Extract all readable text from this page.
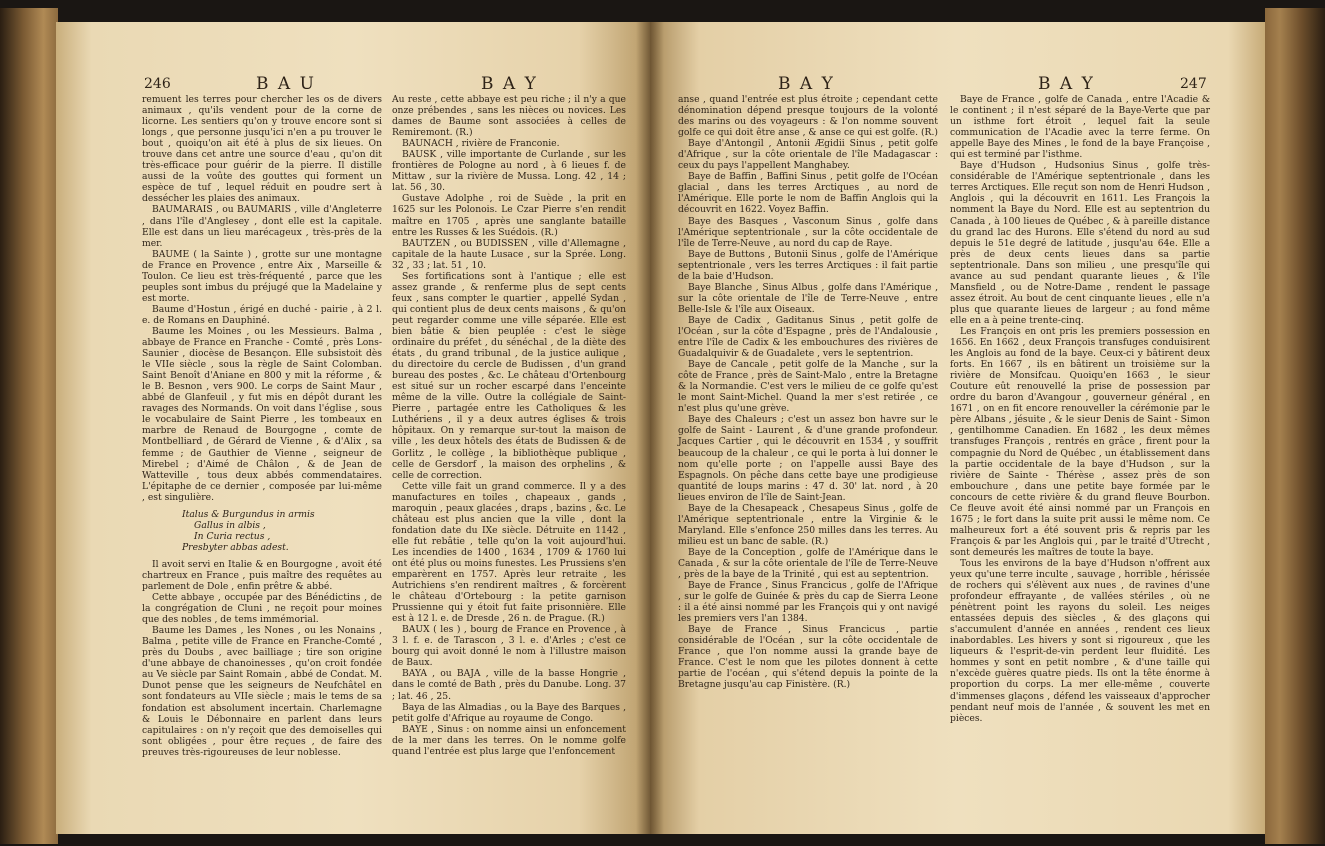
246	B A U	B A Y

remuent les terres pour chercher les os de divers animaux , qu'ils vendent pour de la corne de licorne. Les sentiers qu'on y trouve encore sont si longs , que personne jusqu'ici n'en a pu trouver le bout , quoiqu'on ait été à plus de six lieues. On trouve dans cet antre une source d'eau , qu'on dit très-efficace pour guérir de la pierre. Il distille aussi de la voûte des gouttes qui forment un espèce de tuf , lequel réduit en poudre sert à dessécher les plaies des animaux.

BAUMARAIS , ou BAUMARIS , ville d'Angleterre , dans l'île d'Anglesey , dont elle est la capitale. Elle est dans un lieu marécageux , très-près de la mer.

BAUME ( la Sainte ) , grotte sur une montagne de France en Provence , entre Aix , Marseille & Toulon. Ce lieu est très-fréquenté , parce que les peuples sont imbus du préjugé que la Madelaine y est morte.

Baume d'Hostun , érigé en duché - pairie , à 2 l. e. de Romans en Dauphiné.

Baume les Moines , ou les Messieurs. Balma , abbaye de France en Franche - Comté , près Lons-Saunier , diocèse de Besançon. Elle subsistoit dès le VIIe siècle , sous la règle de Saint Colomban. Saint Benoît d'Aniane en 800 y mit la réforme , & le B. Besnon , vers 900. Le corps de Saint Maur , abbé de Glanfeuil , y fut mis en dépôt durant les ravages des Normands. On voit dans l'église , sous le vocabulaire de Saint Pierre , les tombeaux en marbre de Renaud de Bourgogne , comte de Montbelliard , de Gérard de Vienne , & d'Alix , sa femme ; de Gauthier de Vienne , seigneur de Mirebel ; d'Aimé de Châlon , & de Jean de Watteville , tous deux abbés commendataires. L'épitaphe de ce dernier , composée par lui-même , est singulière.

Italus & Burgundus in armis

Gallus in albis ,

In Curia rectus ,

Presbyter abbas adest.

Il avoit servi en Italie & en Bourgogne , avoit été chartreux en France , puis maître des requêtes au parlement de Dole , enfin prêtre & abbé.

Cette abbaye , occupée par des Bénédictins , de la congrégation de Cluni , ne reçoit pour moines que des nobles , de tems immémorial.

Baume les Dames , les Nones , ou les Nonains , Balma , petite ville de France en Franche-Comté , près du Doubs , avec bailliage ; tire son origine d'une abbaye de chanoinesses , qu'on croit fondée au Ve siècle par Saint Romain , abbé de Condat. M. Dunot pense que les seigneurs de Neufchâtel en sont fondateurs au VIIe siècle ; mais le tems de sa fondation est absolument incertain. Charlemagne & Louis le Débonnaire en parlent dans leurs capitulaires : on n'y reçoit que des demoiselles qui sont obligées , pour être reçues , de faire des preuves très-rigoureuses de leur noblesse.

Au reste , cette abbaye est peu riche ; il n'y a que onze prébendes , sans les nièces ou novices. Les dames de Baume sont associées à celles de Remiremont. (R.)

BAUNACH , rivière de Franconie.

BAUSK , ville importante de Curlande , sur les frontières de Pologne au nord , à 6 lieues f. de Mittaw , sur la rivière de Mussa. Long. 42 , 14 ; lat. 56 , 30.

Gustave Adolphe , roi de Suède , la prit en 1625 sur les Polonois. Le Czar Pierre s'en rendit maître en 1705 , après une sanglante bataille entre les Russes & les Suédois. (R.)

BAUTZEN , ou BUDISSEN , ville d'Allemagne , capitale de la haute Lusace , sur la Sprée. Long. 32 , 33 ; lat. 51 , 10.

Ses fortifications sont à l'antique ; elle est assez grande , & renferme plus de sept cents feux , sans compter le quartier , appellé Sydan , qui contient plus de deux cents maisons , & qu'on peut regarder comme une ville séparée. Elle est bien bâtie & bien peuplée : c'est le siège ordinaire du préfet , du sénéchal , de la diète des états , du grand tribunal , de la justice aulique , du directoire du cercle de Budissen , d'un grand bureau des postes , &c. Le château d'Ortenbourg est situé sur un rocher escarpé dans l'enceinte même de la ville. Outre la collégiale de Saint-Pierre , partagée entre les Catholiques & les Luthériens , il y a deux autres églises & trois hôpitaux. On y remarque sur-tout la maison de ville , les deux hôtels des états de Budissen & de Gorlitz , le collège , la bibliothèque publique , celle de Gersdorf , la maison des orphelins , & celle de correction.

Cette ville fait un grand commerce. Il y a des manufactures en toiles , chapeaux , gands , maroquin , peaux glacées , draps , bazins , &c. Le château est plus ancien que la ville , dont la fondation date du IXe siècle. Détruite en 1142 , elle fut rebâtie , telle qu'on la voit aujourd'hui. Les incendies de 1400 , 1634 , 1709 & 1760 lui ont été plus ou moins funestes. Les Prussiens s'en emparèrent en 1757. Après leur retraite , les Autrichiens s'en rendirent maîtres , & forcèrent le château d'Ortebourg : la petite garnison Prussienne qui y étoit fut faite prisonnière. Elle est à 12 l. e. de Dresde , 26 n. de Prague. (R.)

BAUX ( les ) , bourg de France en Provence , à 3 l. f. e. de Tarascon , 3 l. e. d'Arles ; c'est ce bourg qui avoit donné le nom à l'illustre maison de Baux.

BAYA , ou BAJA , ville de la basse Hongrie , dans le comté de Bath , près du Danube. Long. 37 ; lat. 46 , 25.

Baya de las Almadias , ou la Baye des Barques , petit golfe d'Afrique au royaume de Congo.

BAYE , Sinus : on nomme ainsi un enfoncement de la mer dans les terres. On le nomme golfe quand l'entrée est plus large que l'enfoncement

B A Y	B A Y	247

anse , quand l'entrée est plus étroite ; cependant cette dénomination dépend presque toujours de la volonté des marins ou des voyageurs : & l'on nomme souvent golfe ce qui doit être anse , & anse ce qui est golfe. (R.)

Baye d'Antongil , Antonii Ægidii Sinus , petit golfe d'Afrique , sur la côte orientale de l'île Madagascar : ceux du pays l'appellent Manghabey.

Baye de Baffin , Baffini Sinus , petit golfe de l'Océan glacial , dans les terres Arctiques , au nord de l'Amérique. Elle porte le nom de Baffin Anglois qui la découvrit en 1622. Voyez Baffin.

Baye des Basques , Vasconum Sinus , golfe dans l'Amérique septentrionale , sur la côte occidentale de l'île de Terre-Neuve , au nord du cap de Raye.

Baye de Buttons , Butonii Sinus , golfe de l'Amérique septentrionale , vers les terres Arctiques : il fait partie de la baie d'Hudson.

Baye Blanche , Sinus Albus , golfe dans l'Amérique , sur la côte orientale de l'île de Terre-Neuve , entre Belle-Isle & l'île aux Oiseaux.

Baye de Cadix , Gaditanus Sinus , petit golfe de l'Océan , sur la côte d'Espagne , près de l'Andalousie , entre l'île de Cadix & les embouchures des rivières de Guadalquivir & de Guadalete , vers le septentrion.

Baye de Cancale , petit golfe de la Manche , sur la côte de France , près de Saint-Malo , entre la Bretagne & la Normandie. C'est vers le milieu de ce golfe qu'est le mont Saint-Michel. Quand la mer s'est retirée , ce n'est plus qu'une grève.

Baye des Chaleurs ; c'est un assez bon havre sur le golfe de Saint - Laurent , & d'une grande profondeur. Jacques Cartier , qui le découvrit en 1534 , y souffrit beaucoup de la chaleur , ce qui le porta à lui donner le nom qu'elle porte ; on l'appelle aussi Baye des Espagnols. On pêche dans cette baye une prodigieuse quantité de loups marins : 47 d. 30' lat. nord , à 20 lieues environ de l'île de Saint-Jean.

Baye de la Chesapeack , Chesapeus Sinus , golfe de l'Amérique septentrionale , entre la Virginie & le Maryland. Elle s'enfonce 250 milles dans les terres. Au milieu est un banc de sable. (R.)

Baye de la Conception , golfe de l'Amérique dans le Canada , & sur la côte orientale de l'île de Terre-Neuve , près de la baye de la Trinité , qui est au septentrion.

Baye de France , Sinus Francicus , golfe de l'Afrique , sur le golfe de Guinée & près du cap de Sierra Leone : il a été ainsi nommé par les François qui y ont navigé les premiers vers l'an 1384.

Baye de France , Sinus Francicus , partie considérable de l'Océan , sur la côte occidentale de France , que l'on nomme aussi la grande baye de France. C'est le nom que les pilotes donnent à cette partie de l'océan , qui s'étend depuis la pointe de la Bretagne jusqu'au cap Finistère. (R.)

Baye de France , golfe de Canada , entre l'Acadie & le continent ; il n'est séparé de la Baye-Verte que par un isthme fort étroit , lequel fait la seule communication de l'Acadie avec la terre ferme. On appelle Baye des Mines , le fond de la baye Françoise , qui est terminé par l'isthme.

Baye d'Hudson , Hudsonius Sinus , golfe très-considérable de l'Amérique septentrionale , dans les terres Arctiques. Elle reçut son nom de Henri Hudson , Anglois , qui la découvrit en 1611. Les François la nomment la Baye du Nord. Elle est au septentrion du Canada , à 100 lieues de Québec , & à pareille distance du grand lac des Hurons. Elle s'étend du nord au sud depuis le 51e degré de latitude , jusqu'au 64e. Elle a près de deux cents lieues dans sa partie septentrionale. Dans son milieu , une presqu'île qui avance au sud pendant quarante lieues , & l'île Mansfield , ou de Notre-Dame , rendent le passage assez étroit. Au bout de cent cinquante lieues , elle n'a plus que quarante lieues de largeur ; au fond même elle en a à peine trente-cinq.

Les François en ont pris les premiers possession en 1656. En 1662 , deux François transfuges conduisirent les Anglois au fond de la baye. Ceux-ci y bâtirent deux forts. En 1667 , ils en bâtirent un troisième sur la rivière de Monsifcau. Quoiqu'en 1663 , le sieur Couture eût renouvellé la prise de possession par ordre du baron d'Avangour , gouverneur général , en 1671 , on en fit encore renouveller la cérémonie par le père Albans , jésuite , & le sieur Denis de Saint - Simon , gentilhomme Canadien. En 1682 , les deux mêmes transfuges François , rentrés en grâce , firent pour la compagnie du Nord de Québec , un établissement dans la partie occidentale de la baye d'Hudson , sur la rivière de Sainte - Thérèse , assez près de son embouchure , dans une petite baye formée par le concours de cette rivière & du grand fleuve Bourbon. Ce fleuve avoit été ainsi nommé par un François en 1675 ; le fort dans la suite prit aussi le même nom. Ce malheureux fort a été souvent pris & repris par les François & par les Anglois qui , par le traité d'Utrecht , sont demeurés les maîtres de toute la baye.

Tous les environs de la baye d'Hudson n'offrent aux yeux qu'une terre inculte , sauvage , horrible , hérissée de rochers qui s'élèvent aux nues , de ravines d'une profondeur effrayante , de vallées stériles , où ne pénètrent point les rayons du soleil. Les neiges entassées depuis des siècles , & des glaçons qui s'accumulent d'année en années , rendent ces lieux inabordables. Les hivers y sont si rigoureux , que les liqueurs & l'esprit-de-vin perdent leur fluidité. Les hommes y sont en petit nombre , & d'une taille qui n'excède guères quatre pieds. Ils ont la tête énorme à proportion du corps. La mer elle-même , couverte d'immenses glaçons , défend les vaisseaux d'approcher pendant neuf mois de l'année , & souvent les met en pièces.
